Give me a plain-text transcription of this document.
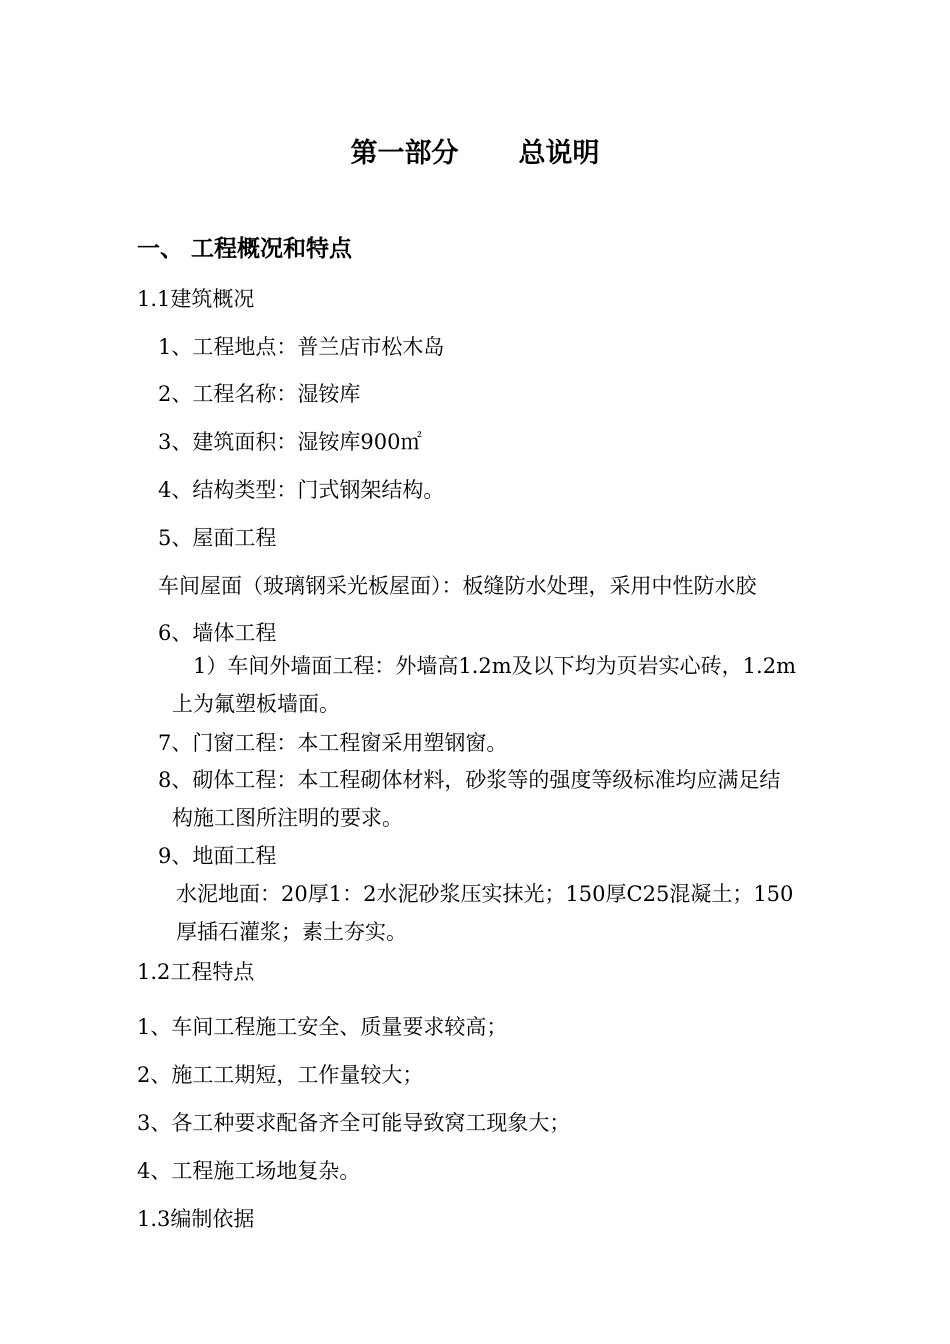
第一部分 总说明
一、 工程概况和特点
1.1建筑概况
1、工程地点：普兰店市松木岛
2、工程名称：湿铵库
3、建筑面积：湿铵库900㎡
4、结构类型：门式钢架结构。
5、屋面工程
车间屋面（玻璃钢采光板屋面）：板缝防水处理，采用中性防水胶
6、墙体工程
1）车间外墙面工程：外墙高1.2m及以下均为页岩实心砖，1.2m
上为氟塑板墙面。
7、门窗工程：本工程窗采用塑钢窗。
8、砌体工程：本工程砌体材料，砂浆等的强度等级标准均应满足结
构施工图所注明的要求。
9、地面工程
水泥地面：20厚1：2水泥砂浆压实抹光；150厚C25混凝土；150
厚插石灌浆；素土夯实。
1.2工程特点
1、车间工程施工安全、质量要求较高；
2、施工工期短，工作量较大；
3、各工种要求配备齐全可能导致窝工现象大；
4、工程施工场地复杂。
1.3编制依据
